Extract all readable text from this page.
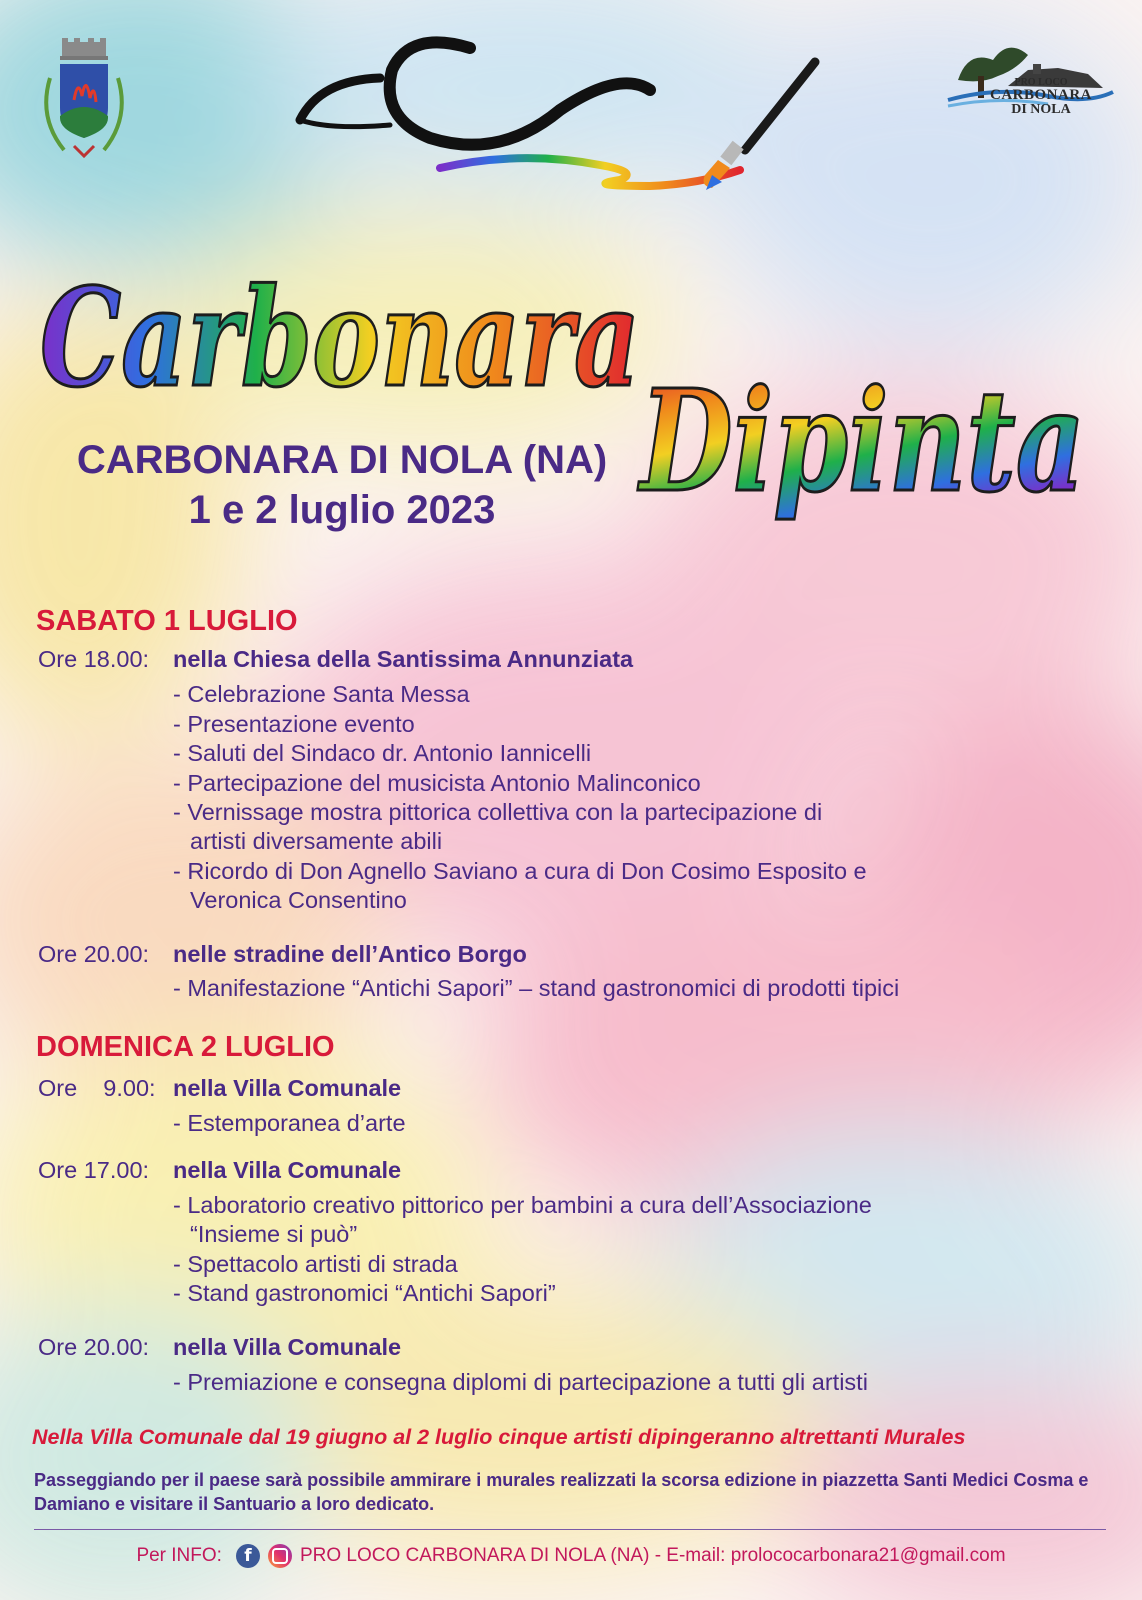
PRO LOCO
CARBONARA
DI NOLA
Carbonara
Dipinta
CARBONARA DI NOLA (NA)
1 e 2 luglio 2023
SABATO 1 LUGLIO
Ore 18.00: nella Chiesa della Santissima Annunziata
- Celebrazione Santa Messa
- Presentazione evento
- Saluti del Sindaco dr. Antonio Iannicelli
- Partecipazione del musicista Antonio Malinconico
- Vernissage mostra pittorica collettiva con la partecipazione di
artisti diversamente abili
- Ricordo di Don Agnello Saviano a cura di Don Cosimo Esposito e
Veronica Consentino
Ore 20.00: nelle stradine dell’Antico Borgo
- Manifestazione “Antichi Sapori” – stand gastronomici di prodotti tipici
DOMENICA 2 LUGLIO
Ore    9.00: nella Villa Comunale
- Estemporanea d’arte
Ore 17.00: nella Villa Comunale
- Laboratorio creativo pittorico per bambini a cura dell’Associazione
“Insieme si può”
- Spettacolo artisti di strada
- Stand gastronomici “Antichi Sapori”
Ore 20.00: nella Villa Comunale
- Premiazione e consegna diplomi di partecipazione a tutti gli artisti
Nella Villa Comunale dal 19 giugno al 2 luglio cinque artisti dipingeranno altrettanti Murales
Passeggiando per il paese sarà possibile ammirare i murales realizzati la scorsa edizione in piazzetta Santi Medici Cosma e Damiano e visitare il Santuario a loro dedicato.
Per INFO:	f	PRO LOCO CARBONARA DI NOLA (NA) - E-mail: prolococarbonara21@gmail.com
